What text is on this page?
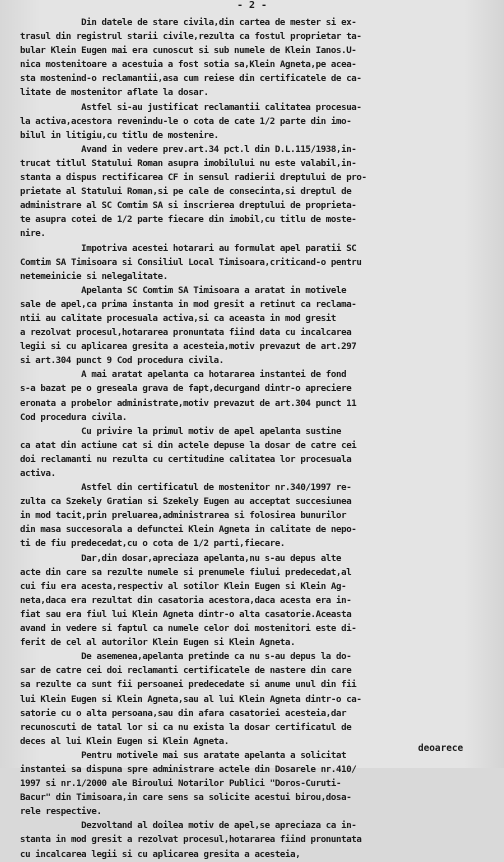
- 2 -
Din datele de stare civila,din cartea de mester si ex-
trasul din registrul starii civile,rezulta ca fostul proprietar ta-
bular Klein Eugen mai era cunoscut si sub numele de Klein Ianos.U-
nica mostenitoare a acestuia a fost sotia sa,Klein Agneta,pe acea-
sta mostenind-o reclamantii,asa cum reiese din certificatele de ca-
litate de mostenitor aflate la dosar.
Astfel si-au justificat reclamantii calitatea procesua-
la activa,acestora revenindu-le o cota de cate 1/2 parte din imo-
bilul in litigiu,cu titlu de mostenire.
Avand in vedere prev.art.34 pct.l din D.L.115/1938,in-
trucat titlul Statului Roman asupra imobilului nu este valabil,in-
stanta a dispus rectificarea CF in sensul radierii dreptului de pro-
prietate al Statului Roman,si pe cale de consecinta,si dreptul de
administrare al SC Comtim SA si inscrierea dreptului de proprieta-
te asupra cotei de 1/2 parte fiecare din imobil,cu titlu de moste-
nire.
Impotriva acestei hotarari au formulat apel paratii SC
Comtim SA Timisoara si Consiliul Local Timisoara,criticand-o pentru
netemeinicie si nelegalitate.
Apelanta SC Comtim SA Timisoara a aratat in motivele
sale de apel,ca prima instanta in mod gresit a retinut ca reclama-
ntii au calitate procesuala activa,si ca aceasta in mod gresit
a rezolvat procesul,hotararea pronuntata fiind data cu incalcarea
legii si cu aplicarea gresita a acesteia,motiv prevazut de art.297
si art.304 punct 9 Cod procedura civila.
A mai aratat apelanta ca hotararea instantei de fond
s-a bazat pe o greseala grava de fapt,decurgand dintr-o apreciere
eronata a probelor administrate,motiv prevazut de art.304 punct 11
Cod procedura civila.
Cu privire la primul motiv de apel apelanta sustine
ca atat din actiune cat si din actele depuse la dosar de catre cei
doi reclamanti nu rezulta cu certitudine calitatea lor procesuala
activa.
Astfel din certificatul de mostenitor nr.340/1997 re-
zulta ca Szekely Gratian si Szekely Eugen au acceptat succesiunea
in mod tacit,prin preluarea,administrarea si folosirea bunurilor
din masa succesorala a defunctei Klein Agneta in calitate de nepo-
ti de fiu predecedat,cu o cota de 1/2 parti,fiecare.
Dar,din dosar,apreciaza apelanta,nu s-au depus alte
acte din care sa rezulte numele si prenumele fiului predecedat,al
cui fiu era acesta,respectiv al sotilor Klein Eugen si Klein Ag-
neta,daca era rezultat din casatoria acestora,daca acesta era in-
fiat sau era fiul lui Klein Agneta dintr-o alta casatorie.Aceasta
avand in vedere si faptul ca numele celor doi mostenitori este di-
ferit de cel al autorilor Klein Eugen si Klein Agneta.
De asemenea,apelanta pretinde ca nu s-au depus la do-
sar de catre cei doi reclamanti certificatele de nastere din care
sa rezulte ca sunt fii persoanei predecedate si anume unul din fii
lui Klein Eugen si Klein Agneta,sau al lui Klein Agneta dintr-o ca-
satorie cu o alta persoana,sau din afara casatoriei acesteia,dar
recunoscuti de tatal lor si ca nu exista la dosar certificatul de
deces al lui Klein Eugen si Klein Agneta.
Pentru motivele mai sus aratate apelanta a solicitat
instantei sa dispuna spre administrare actele din Dosarele nr.410/
1997 si nr.1/2000 ale Biroului Notarilor Publici "Doros-Curuti-
Bacur" din Timisoara,in care sens sa solicite acestui birou,dosa-
rele respective.
Dezvoltand al doilea motiv de apel,se apreciaza ca in-
stanta in mod gresit a rezolvat procesul,hotararea fiind pronuntata
cu incalcarea legii si cu aplicarea gresita a acesteia,
deoarece
